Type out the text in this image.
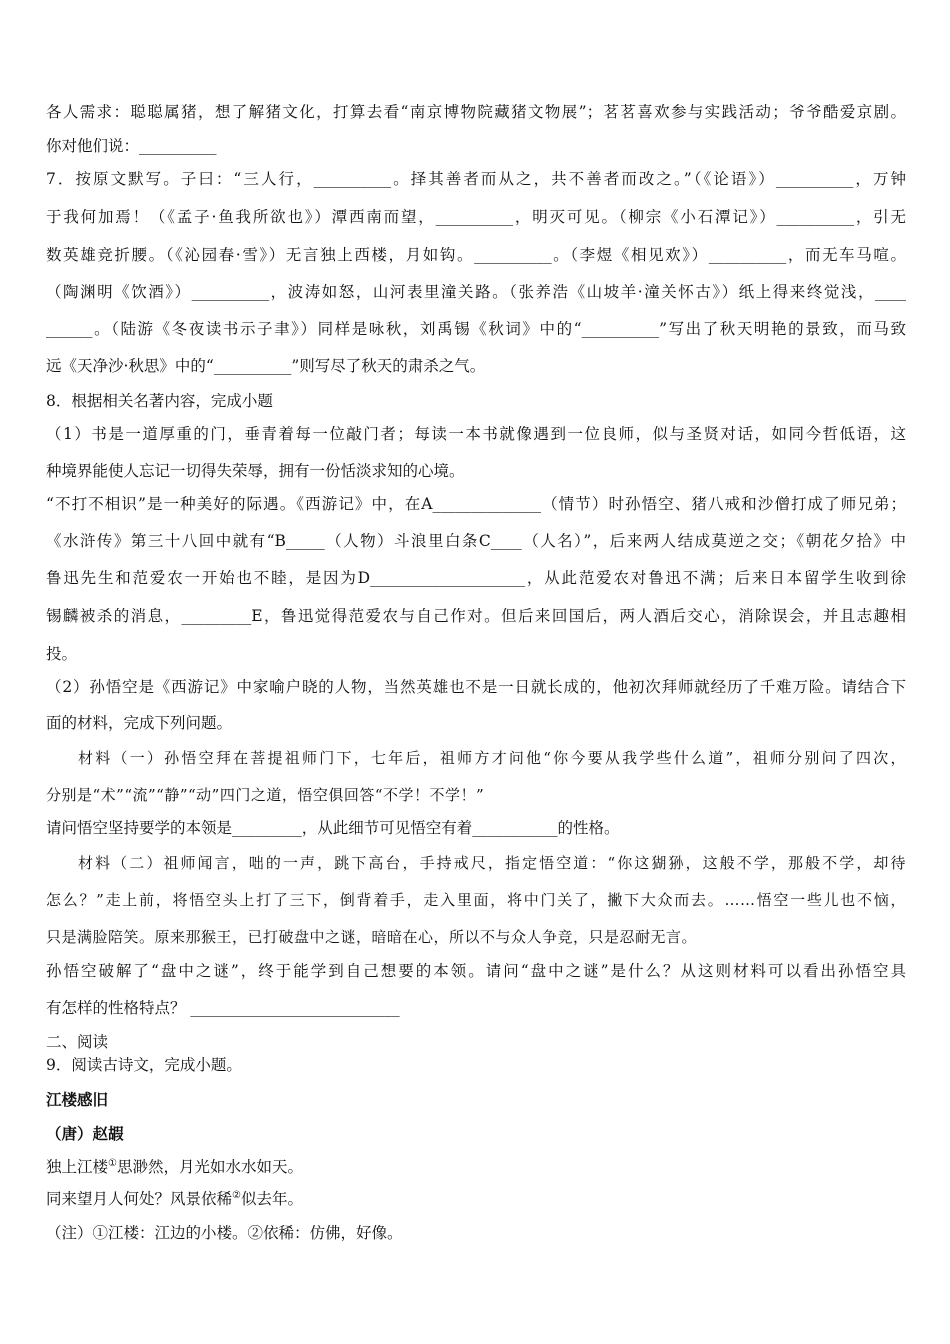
各人需求：聪聪属猪，想了解猪文化，打算去看“南京博物院藏猪文物展”；茗茗喜欢参与实践活动；爷爷酷爱京剧。
你对他们说：__________
7．按原文默写。子曰：“三人行，__________。择其善者而从之，共不善者而改之。”（《论语》）__________，万钟
于我何加焉！（《孟子·鱼我所欲也》）潭西南而望，__________，明灭可见。（柳宗《小石潭记》）__________，引无
数英雄竞折腰。（《沁园春·雪》）无言独上西楼，月如钩。__________。（李煜《相见欢》）__________，而无车马喧。
（陶渊明《饮酒》）__________，波涛如怒，山河表里潼关路。（张养浩《山坡羊·潼关怀古》）纸上得来终觉浅，____
______。（陆游《冬夜读书示子聿》）同样是咏秋，刘禹锡《秋词》中的“__________”写出了秋天明艳的景致，而马致
远《天净沙·秋思》中的“__________”则写尽了秋天的肃杀之气。
8．根据相关名著内容，完成小题
（1）书是一道厚重的门，垂青着每一位敲门者；每读一本书就像遇到一位良师，似与圣贤对话，如同今哲低语，这
种境界能使人忘记一切得失荣辱，拥有一份恬淡求知的心境。
“不打不相识”是一种美好的际遇。《西游记》中，在A______________（情节）时孙悟空、猪八戒和沙僧打成了师兄弟；
《水浒传》第三十八回中就有“B_____（人物）斗浪里白条C____（人名）”，后来两人结成莫逆之交；《朝花夕拾》中
鲁迅先生和范爱农一开始也不睦，是因为D____________________，从此范爱农对鲁迅不满；后来日本留学生收到徐
锡麟被杀的消息，_________E，鲁迅觉得范爱农与自己作对。但后来回国后，两人酒后交心，消除误会，并且志趣相
投。
（2）孙悟空是《西游记》中家喻户晓的人物，当然英雄也不是一日就长成的，他初次拜师就经历了千难万险。请结合下
面的材料，完成下列问题。
材料（一）孙悟空拜在菩提祖师门下，七年后，祖师方才问他“你今要从我学些什么道”，祖师分别问了四次，
分别是“术”“流”“静”“动”四门之道，悟空俱回答“不学！不学！”
请问悟空坚持要学的本领是_________，从此细节可见悟空有着___________的性格。
材料（二）祖师闻言，咄的一声，跳下高台，手持戒尺，指定悟空道：“你这猢狲，这般不学，那般不学，却待
怎么？”走上前，将悟空头上打了三下，倒背着手，走入里面，将中门关了，撇下大众而去。……悟空一些儿也不恼，
只是满脸陪笑。原来那猴王，已打破盘中之谜，暗暗在心，所以不与众人争竞，只是忍耐无言。
孙悟空破解了“盘中之谜”，终于能学到自己想要的本领。请问“盘中之谜”是什么？从这则材料可以看出孙悟空具
有怎样的性格特点？ ___________________________
二、阅读
9．阅读古诗文，完成小题。
江楼感旧
（唐）赵嘏
独上江楼①思渺然，月光如水水如天。
同来望月人何处？风景依稀②似去年。
（注）①江楼：江边的小楼。②依稀：仿佛，好像。
